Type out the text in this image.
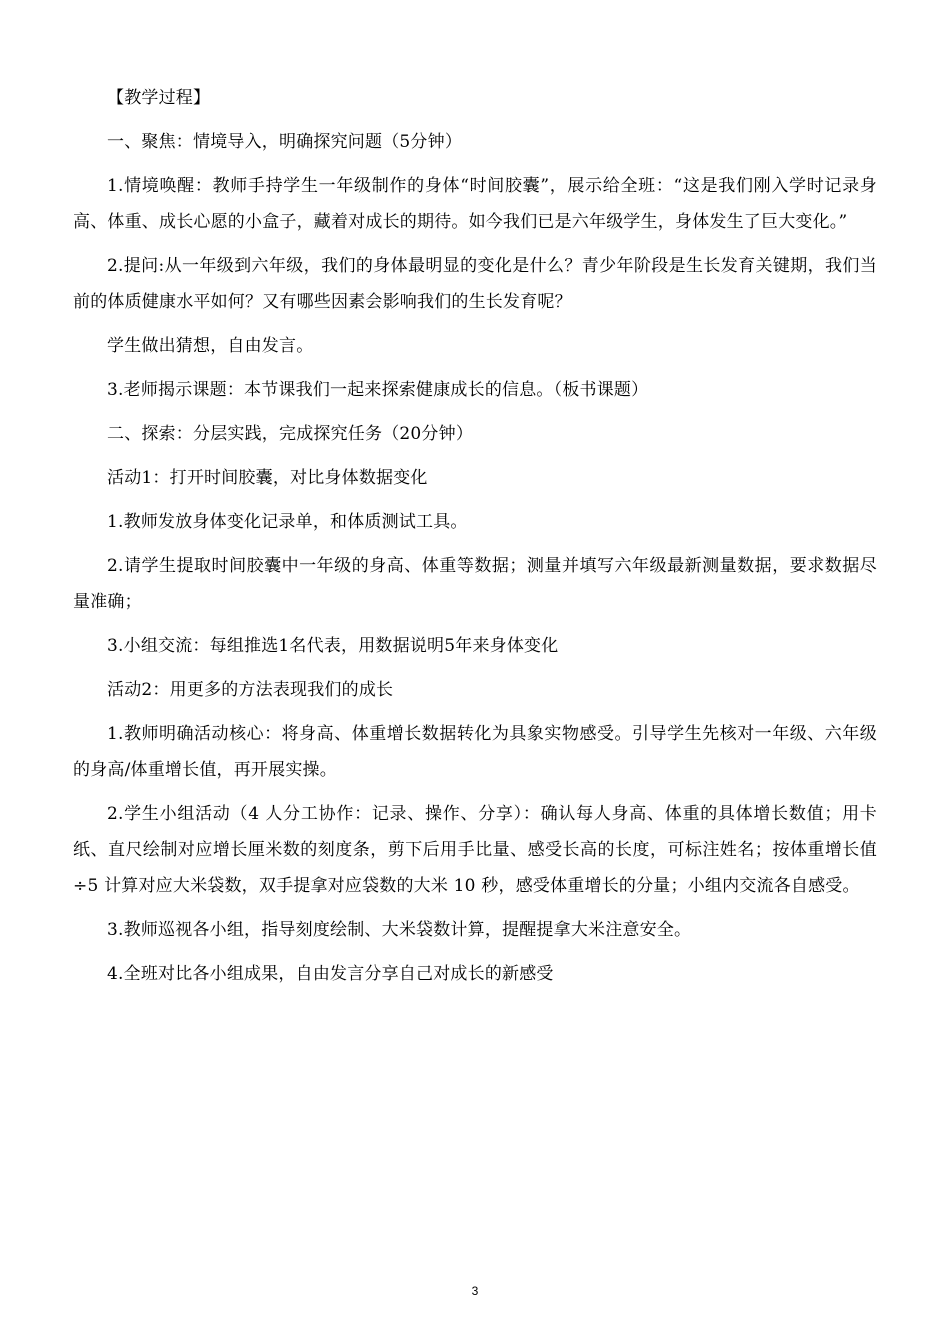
【教学过程】

一、聚焦：情境导入，明确探究问题（5分钟）

1.情境唤醒：教师手持学生一年级制作的身体“时间胶囊”，展示给全班：“这是我们刚入学时记录身高、体重、成长心愿的小盒子，藏着对成长的期待。如今我们已是六年级学生，身体发生了巨大变化。”

2.提问:从一年级到六年级，我们的身体最明显的变化是什么？青少年阶段是生长发育关键期，我们当前的体质健康水平如何？又有哪些因素会影响我们的生长发育呢？

学生做出猜想，自由发言。

3.老师揭示课题：本节课我们一起来探索健康成长的信息。（板书课题）

二、探索：分层实践，完成探究任务（20分钟）

活动1：打开时间胶囊，对比身体数据变化

1.教师发放身体变化记录单，和体质测试工具。

2.请学生提取时间胶囊中一年级的身高、体重等数据；测量并填写六年级最新测量数据，要求数据尽量准确；

3.小组交流：每组推选1名代表，用数据说明5年来身体变化

活动2：用更多的方法表现我们的成长

1.教师明确活动核心：将身高、体重增长数据转化为具象实物感受。引导学生先核对一年级、六年级的身高/体重增长值，再开展实操。

2.学生小组活动（4 人分工协作：记录、操作、分享）：确认每人身高、体重的具体增长数值；用卡纸、直尺绘制对应增长厘米数的刻度条，剪下后用手比量、感受长高的长度，可标注姓名；按体重增长值 ÷5 计算对应大米袋数，双手提拿对应袋数的大米 10 秒，感受体重增长的分量；小组内交流各自感受。

3.教师巡视各小组，指导刻度绘制、大米袋数计算，提醒提拿大米注意安全。

4.全班对比各小组成果，自由发言分享自己对成长的新感受

3
